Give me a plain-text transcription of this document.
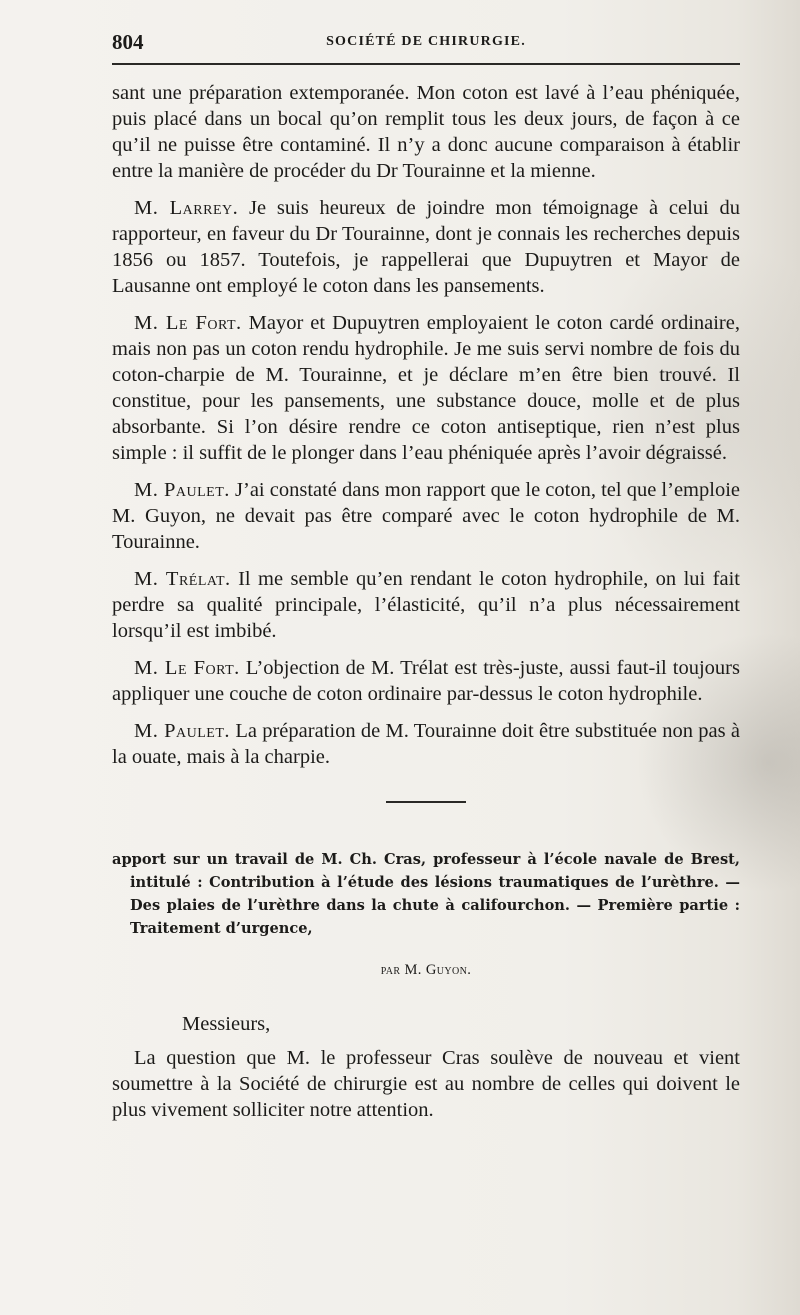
804	SOCIÉTÉ DE CHIRURGIE.

sant une préparation extemporanée. Mon coton est lavé à l’eau phéniquée, puis placé dans un bocal qu’on remplit tous les deux jours, de façon à ce qu’il ne puisse être contaminé. Il n’y a donc aucune comparaison à établir entre la manière de procéder du Dr Tourainne et la mienne.

M. Larrey. Je suis heureux de joindre mon témoignage à celui du rapporteur, en faveur du Dr Tourainne, dont je connais les recherches depuis 1856 ou 1857. Toutefois, je rappellerai que Dupuytren et Mayor de Lausanne ont employé le coton dans les pansements.

M. Le Fort. Mayor et Dupuytren employaient le coton cardé ordinaire, mais non pas un coton rendu hydrophile. Je me suis servi nombre de fois du coton-charpie de M. Tourainne, et je déclare m’en être bien trouvé. Il constitue, pour les pansements, une substance douce, molle et de plus absorbante. Si l’on désire rendre ce coton antiseptique, rien n’est plus simple : il suffit de le plonger dans l’eau phéniquée après l’avoir dégraissé.

M. Paulet. J’ai constaté dans mon rapport que le coton, tel que l’emploie M. Guyon, ne devait pas être comparé avec le coton hydrophile de M. Tourainne.

M. Trélat. Il me semble qu’en rendant le coton hydrophile, on lui fait perdre sa qualité principale, l’élasticité, qu’il n’a plus nécessairement lorsqu’il est imbibé.

M. Le Fort. L’objection de M. Trélat est très-juste, aussi faut-il toujours appliquer une couche de coton ordinaire par-dessus le coton hydrophile.

M. Paulet. La préparation de M. Tourainne doit être substituée non pas à la ouate, mais à la charpie.

apport sur un travail de M. Ch. Cras, professeur à l’école navale de Brest, intitulé : Contribution à l’étude des lésions traumatiques de l’urèthre. — Des plaies de l’urèthre dans la chute à califourchon. — Première partie : Traitement d’urgence,

par M. Guyon.

Messieurs,

La question que M. le professeur Cras soulève de nouveau et vient soumettre à la Société de chirurgie est au nombre de celles qui doivent le plus vivement solliciter notre attention.
